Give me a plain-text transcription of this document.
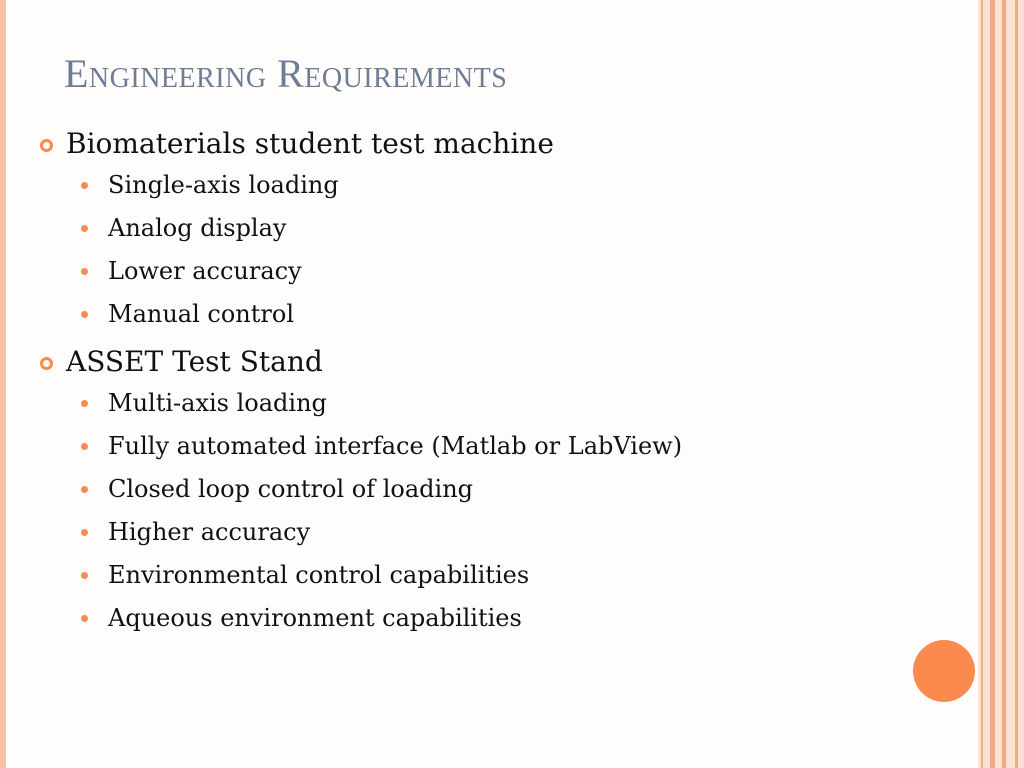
Engineering Requirements
Biomaterials student test machine
Single-axis loading
Analog display
Lower accuracy
Manual control
ASSET Test Stand
Multi-axis loading
Fully automated interface (Matlab or LabView)
Closed loop control of loading
Higher accuracy
Environmental control capabilities
Aqueous environment capabilities
